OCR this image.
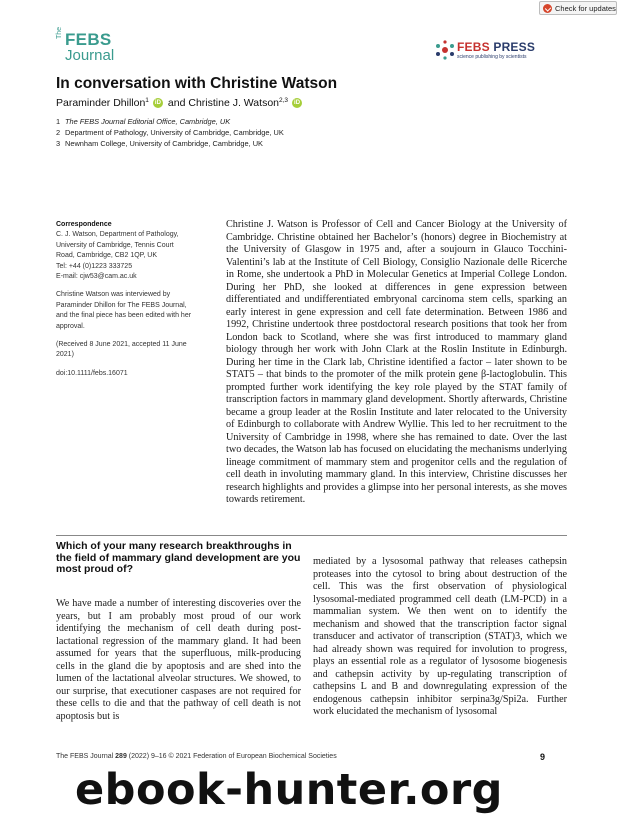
Check for updates
The FEBS
Journal	FEBS PRESS
science publishing by scientists
In conversation with Christine Watson
Paraminder Dhillon$^1$	iD and Christine J. Watson$^{2,3}$	iD
1 The FEBS Journal Editorial Office, Cambridge, UK
2 Department of Pathology, University of Cambridge, Cambridge, UK
3 Newnham College, University of Cambridge, Cambridge, UK

Correspondence

C. J. Watson, Department of Pathology,

University of Cambridge, Tennis Court

Road, Cambridge, CB2 1QP, UK

Tel: +44 (0)1223 333725

E-mail: cjw53@cam.ac.uk

Christine Watson was interviewed by

Paraminder Dhillon for The FEBS Journal,

and the final piece has been edited with her

approval.

(Received 8 June 2021, accepted 11 June

2021)

doi:10.1111/febs.16071

Christine J. Watson is Professor of Cell and Cancer Biology at the University of Cambridge. Christine obtained her Bachelor’s (honors) degree in Biochemistry at the University of Glasgow in 1975 and, after a soujourn in Glauco Tocchini-Valentini’s lab at the Institute of Cell Biology, Consiglio Nazionale delle Ricerche in Rome, she undertook a PhD in Molecular Genetics at Imperial College London. During her PhD, she looked at differences in gene expression between differentiated and undifferentiated embryonal carcinoma stem cells, sparking an early interest in gene expression and cell fate determination. Between 1986 and 1992, Christine undertook three postdoctoral research positions that took her from London back to Scotland, where she was first introduced to mammary gland biology through her work with John Clark at the Roslin Institute in Edinburgh. During her time in the Clark lab, Christine identified a factor – later shown to be STAT5 – that binds to the promoter of the milk protein gene β-lactoglobulin. This prompted further work identifying the key role played by the STAT family of transcription factors in mammary gland development. Shortly afterwards, Christine became a group leader at the Roslin Institute and later relocated to the University of Edinburgh to collaborate with Andrew Wyllie. This led to her recruitment to the University of Cambridge in 1998, where she has remained to date. Over the last two decades, the Watson lab has focused on elucidating the mechanisms underlying lineage commitment of mammary stem and progenitor cells and the regulation of cell death in involuting mammary gland. In this interview, Christine discusses her research highlights and provides a glimpse into her personal interests, as she moves towards retirement.

Which of your many research breakthroughs in the field of mammary gland development are you most proud of?

We have made a number of interesting discoveries over the years, but I am probably most proud of our work identifying the mechanism of cell death during post-lactational regression of the mammary gland. It had been assumed for years that the superfluous, milk-producing cells in the gland die by apoptosis and are shed into the lumen of the lactational alveolar structures. We showed, to our surprise, that executioner caspases are not required for these cells to die and that the pathway of cell death is not apoptosis but is

mediated by a lysosomal pathway that releases cathepsin proteases into the cytosol to bring about destruction of the cell. This was the first observation of physiological lysosomal-mediated programmed cell death (LM-PCD) in a mammalian system. We then went on to identify the mechanism and showed that the transcription factor signal transducer and activator of transcription (STAT)3, which we had already shown was required for involution to progress, plays an essential role as a regulator of lysosome biogenesis and cathepsin activity by up-regulating transcription of cathepsins L and B and downregulating expression of the endogenous cathepsin inhibitor serpina3g/Spi2a. Further work elucidated the mechanism of lysosomal

The FEBS Journal 289 (2022) 9–16 © 2021 Federation of European Biochemical Societies	9
ebook-hunter.org
